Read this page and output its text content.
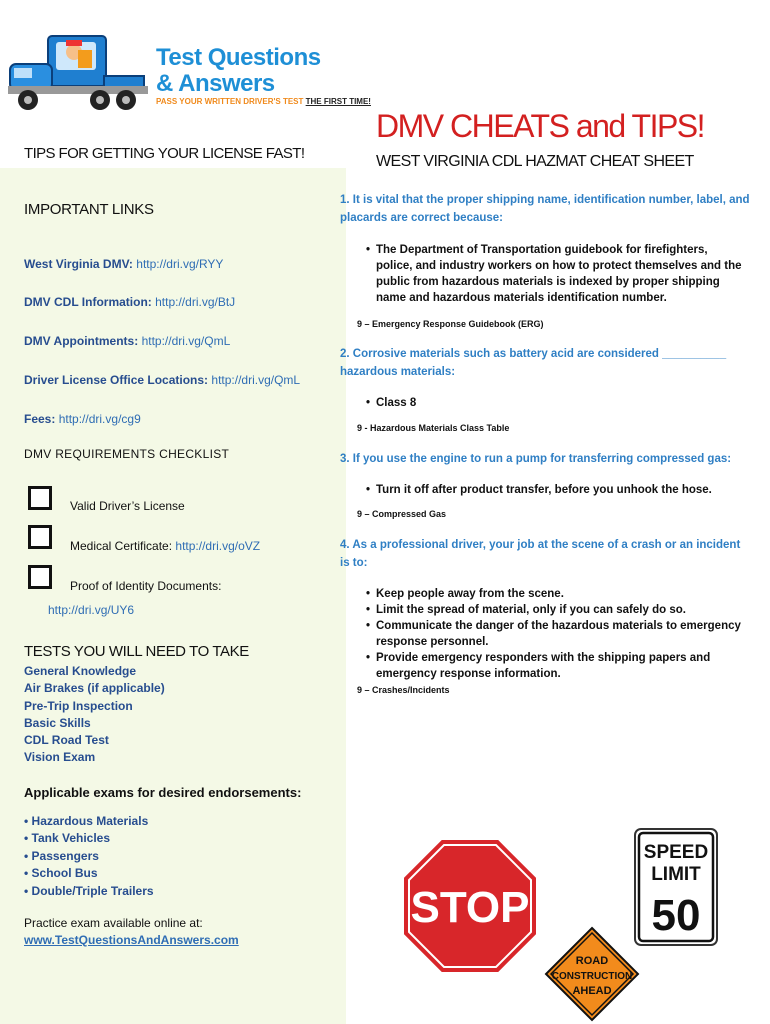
Test Questions
& Answers
PASS YOUR WRITTEN DRIVER'S TEST THE FIRST TIME!
TIPS FOR GETTING YOUR LICENSE FAST!
IMPORTANT LINKS
West Virginia DMV: http://dri.vg/RYY
DMV CDL Information: http://dri.vg/BtJ
DMV Appointments: http://dri.vg/QmL
Driver License Office Locations: http://dri.vg/QmL
Fees: http://dri.vg/cg9
DMV REQUIREMENTS CHECKLIST
Valid Driver’s License
Medical Certificate: http://dri.vg/oVZ
Proof of Identity Documents:
http://dri.vg/UY6
TESTS YOU WILL NEED TO TAKE
General Knowledge
Air Brakes (if applicable)
Pre-Trip Inspection
Basic Skills
CDL Road Test
Vision Exam
Applicable exams for desired endorsements:
• Hazardous Materials
• Tank Vehicles
• Passengers
• School Bus
• Double/Triple Trailers
Practice exam available online at:
www.TestQuestionsAndAnswers.com
DMV CHEATS and TIPS!
WEST VIRGINIA CDL HAZMAT CHEAT SHEET
1. It is vital that the proper shipping name, identification number, label, and placards are correct because:
• The Department of Transportation guidebook for firefighters, police, and industry workers on how to protect themselves and the public from hazardous materials is indexed by proper shipping name and hazardous materials identification number.
9 – Emergency Response Guidebook (ERG)
2. Corrosive materials such as battery acid are considered __________ hazardous materials:
• Class 8
9 - Hazardous Materials Class Table
3. If you use the engine to run a pump for transferring compressed gas:
• Turn it off after product transfer, before you unhook the hose.
9 – Compressed Gas
4. As a professional driver, your job at the scene of a crash or an incident is to:
• Keep people away from the scene.
• Limit the spread of material, only if you can safely do so.
• Communicate the danger of the hazardous materials to emergency response personnel.
• Provide emergency responders with the shipping papers and emergency response information.
9 – Crashes/Incidents
STOP
SPEED
LIMIT
50
ROAD
CONSTRUCTION
AHEAD
